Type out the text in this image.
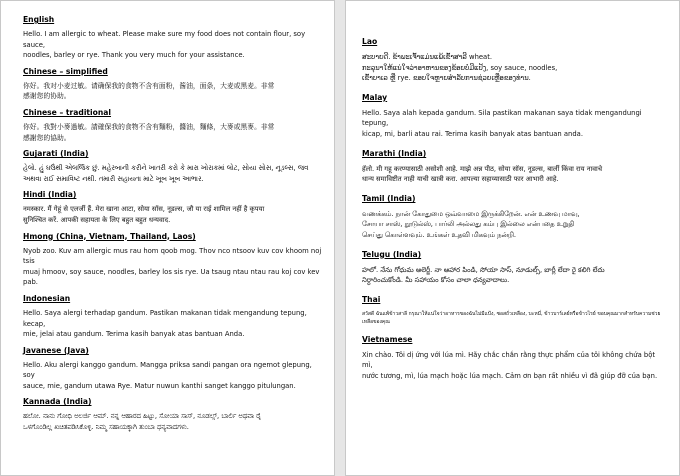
English
Hello. I am allergic to wheat. Please make sure my food does not contain flour, soy sauce,
noodles, barley or rye. Thank you very much for your assistance.
Chinese – simplified
你好。我对小麦过敏。请确保我的食物不含有面粉，酱油，面条，大麦或黑麦。非常
感谢您的协助。
Chinese – traditional
你好。我對小麥過敏。請確保我的食物不含有麵粉，醬油，麵條，大麥或黑麥。非常
感謝您的協助。
Gujarati (India)
હેલો. હું ઘઉંથી એલર્જિક છું. મહેરબાની કરીને ખાતરી કરો કે મારા ખોરાકમાં લોટ, સોયા સોસ, નૂડલ્સ, જવ
અથવા રાઈ સમાવિષ્ટ નથી. તમારી સહાયતા માટે ખૂબ ખૂબ આભાર.
Hindi (India)
नमस्कार. मैं गेहूं से एलर्जी हैं. मेरा खाना आटा, सोया सॉस, नूडल्स, जौ या राई शामिल नहीं है कृपया
सुनिश्चित करें. आपकी सहायता के लिए बहुत बहुत धन्यवाद.
Hmong (China, Vietnam, Thailand, Laos)
Nyob zoo. Kuv am allergic mus rau hom qoob mog. Thov nco ntsoov kuv cov khoom noj tsis
muaj hmoov, soy sauce, noodles, barley los sis rye. Ua tsaug ntau ntau rau koj cov kev pab.
Indonesian
Hello. Saya alergi terhadap gandum. Pastikan makanan tidak mengandung tepung, kecap,
mie, jelai atau gandum. Terima kasih banyak atas bantuan Anda.
Javanese (Java)
Hello. Aku alergi kanggo gandum. Mangga priksa sandi pangan ora ngemot glepung, soy
sauce, mie, gandum utawa Rye. Matur nuwun kanthi sanget kanggo pitulungan.
Kannada (India)
ಹಲೋ. ನಾನು ಗೋಧಿ ಅಲರ್ಜಿ ಆಮ್. ನನ್ನ ಆಹಾರದ ಹಿಟ್ಟು, ಸೋಯಾ ಸಾಸ್, ನೂಡಲ್ಸ್, ಬಾರ್ಲಿ ಅಥವಾ ರೈ
ಒಳಗೊಂಡಿಲ್ಲ ಖಚಿತಪಡಿಸಿಕೊಳ್ಳಿ. ನಿಮ್ಮ ಸಹಾಯಕ್ಕಾಗಿ ತುಂಬಾ ಧನ್ಯವಾದಗಳು.
Lao
ສະບາຍດີ. ຂ້າພະເຈົ້າແມ່ນແພ້ເຂົ້າສາລີ wheat.
ກະລຸນາໃຫ້ແນ່ໃຈວ່າອາຫານຂອງຂ້ອຍບໍ່ມີແປ້ງ, soy sauce, noodles,
ເຂົ້າບາເລ ຫຼື rye. ຂອບໃຈຫຼາຍສໍາລັບການຊ່ວຍເຫຼືອຂອງທ່ານ.
Malay
Hello. Saya alah kepada gandum. Sila pastikan makanan saya tidak mengandungi tepung,
kicap, mi, barli atau rai. Terima kasih banyak atas bantuan anda.
Marathi (India)
हॅलो. मी गहू करण्यासाठी असोशी आहे. माझे अन्न पीठ, सोया सॉस, नूडल्स, बार्ली किंवा राय नावाचे
धान्य समाविष्टीत नाही याची खात्री करा. आपल्या सहाय्यासाठी फार आभारी आहे.
Tamil (India)
வணக்கம். நான் கோதுமை ஒவ்வாமை இருக்கிறேன். என் உணவு மாவு,
சோயா சாஸ், நூடுல்ஸ், பார்லி அல்லது கம்பு இல்லை என்பதை உறுதி
செய்து கொள்ளவும். உங்கள் உதவி மிகவும் நன்றி.
Telugu (India)
హలో. నేను గోధుమ అలెర్జీ. నా ఆహార పిండి, సోయా సాస్, నూడుల్స్, బార్లీ లేదా రై కలిగి లేదు
నిర్ధారించుకోండి. మీ సహాయం కోసం చాలా ధన్యవాదాలు.
Thai
สวัสดี ฉันแพ้ข้าวสาลี กรุณาให้แน่ใจว่าอาหารของฉันไม่มีแป้ง, ซอสถั่วเหลือง, บะหมี่, ข้าวบาร์เลย์หรือข้าวไรย์ ขอบคุณมากสำหรับความช่วยเหลือของคุณ
Vietnamese
Xin chào. Tôi dị ứng với lúa mì. Hãy chắc chắn rằng thực phẩm của tôi không chứa bột mì,
nước tương, mì, lúa mạch hoặc lúa mạch. Cảm ơn bạn rất nhiều vì đã giúp đỡ của bạn.
